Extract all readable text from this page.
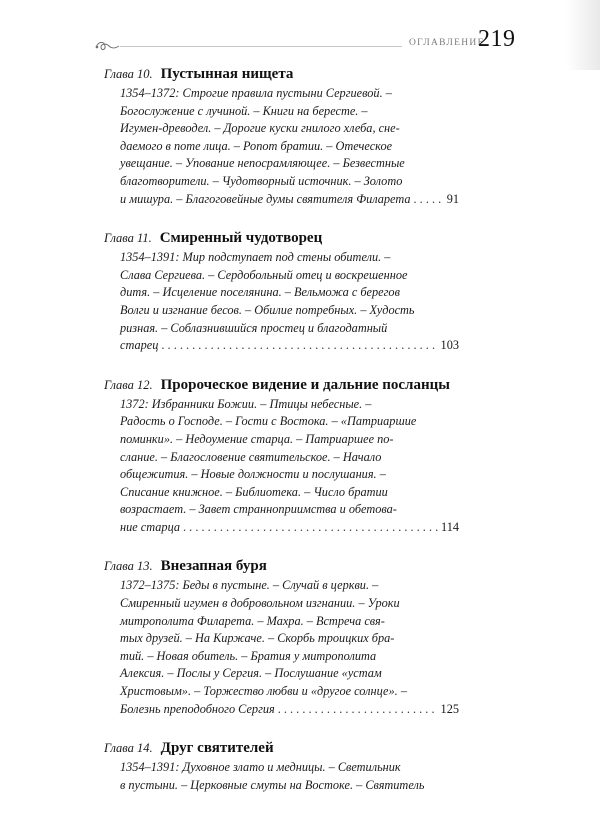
ОГЛАВЛЕНИЕ
219
Глава 10. Пустынная нищета
1354–1372: Строгие правила пустыни Сергиевой. –
Богослужение с лучиной. – Книги на бересте. –
Игумен-древодел. – Дорогие куски гнилого хлеба, сне-
даемого в поте лица. – Ропот братии. – Отеческое
увещание. – Упование непосрамляющее. – Безвестные
благотворители. – Чудотворный источник. – Золото
и мишура. – Благоговейные думы святителя Филарета . . .	91
Глава 11. Смиренный чудотворец
1354–1391: Мир подступает под стены обители. –
Слава Сергиева. – Сердобольный отец и воскрешенное
дитя. – Исцеление поселянина. – Вельможа с берегов
Волги и изгнание бесов. – Обилие потребных. – Худость
ризная. – Соблазнившийся простец и благодатный
старец . . .	103
Глава 12. Пророческое видение и дальние посланцы
1372: Избранники Божии. – Птицы небесные. –
Радость о Господе. – Гости с Востока. – «Патриаршие
поминки». – Недоумение старца. – Патриаршее по-
слание. – Благословение святительское. – Начало
общежития. – Новые должности и послушания. –
Списание книжное. – Библиотека. – Число братии
возрастает. – Завет странноприимства и обетова-
ние старца . . .	114
Глава 13. Внезапная буря
1372–1375: Беды в пустыне. – Случай в церкви. –
Смиренный игумен в добровольном изгнании. – Уроки
митрополита Филарета. – Махра. – Встреча свя-
тых друзей. – На Киржаче. – Скорбь троицких бра-
тий. – Новая обитель. – Братия у митрополита
Алексия. – Послы у Сергия. – Послушание «устам
Христовым». – Торжество любви и «другое солнце». –
Болезнь преподобного Сергия . . .	125
Глава 14. Друг святителей
1354–1391: Духовное злато и медницы. – Светильник
в пустыни. – Церковные смуты на Востоке. – Святитель
